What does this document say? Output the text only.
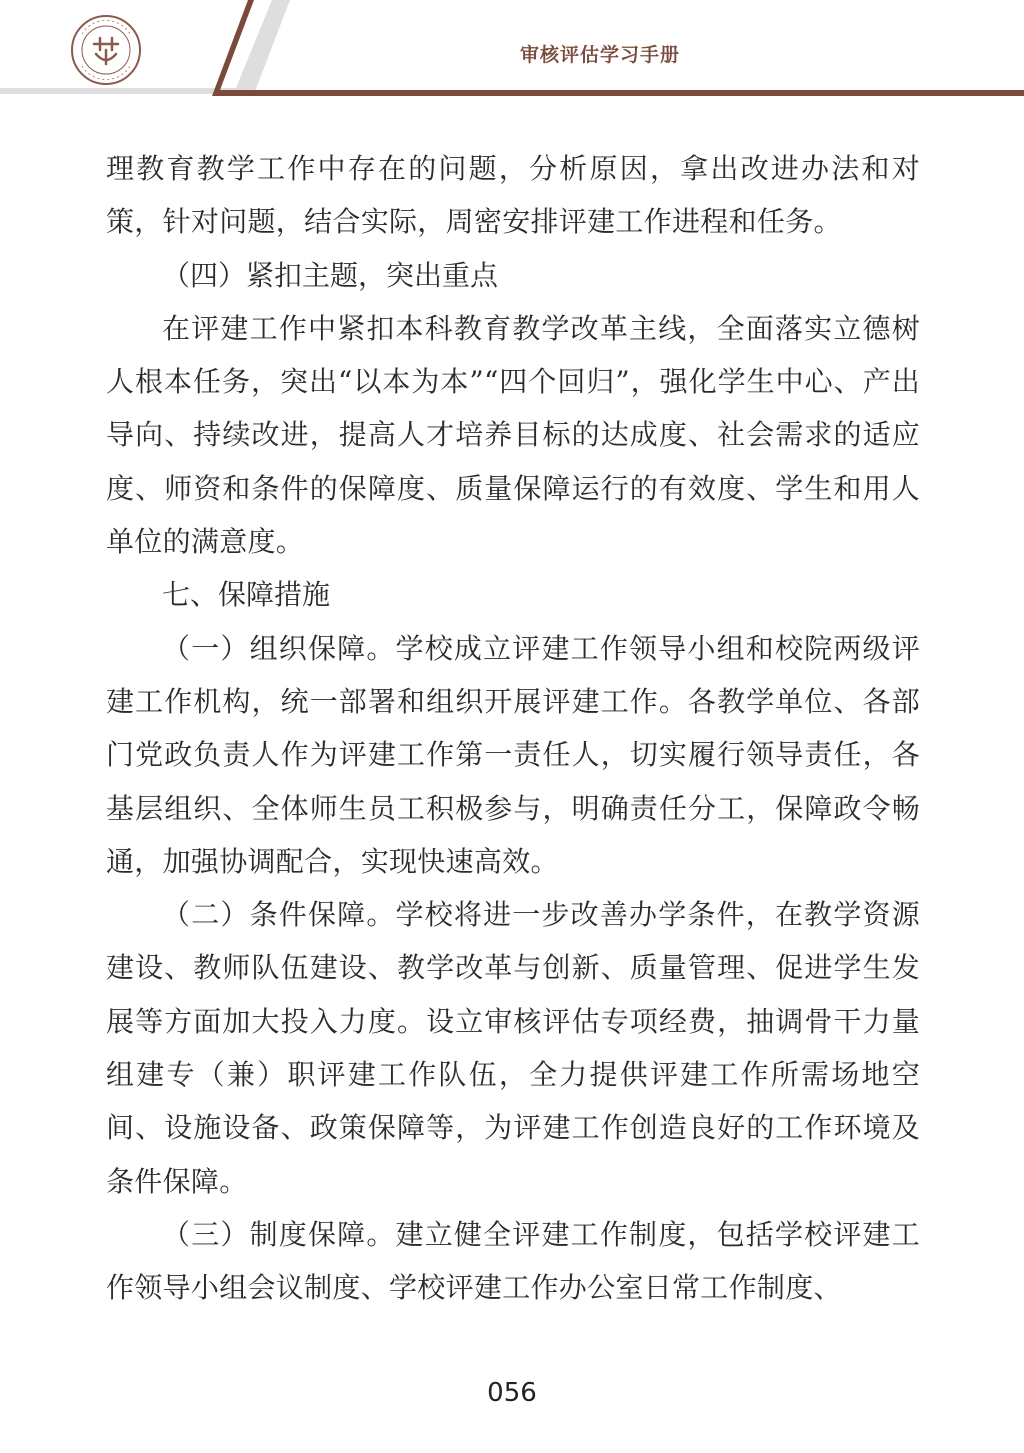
审核评估学习手册

理教育教学工作中存在的问题，分析原因，拿出改进办法和对策，针对问题，结合实际，周密安排评建工作进程和任务。

（四）紧扣主题，突出重点

在评建工作中紧扣本科教育教学改革主线，全面落实立德树人根本任务，突出“以本为本”“四个回归”，强化学生中心、产出导向、持续改进，提高人才培养目标的达成度、社会需求的适应度、师资和条件的保障度、质量保障运行的有效度、学生和用人单位的满意度。

七、保障措施

（一）组织保障。学校成立评建工作领导小组和校院两级评建工作机构，统一部署和组织开展评建工作。各教学单位、各部门党政负责人作为评建工作第一责任人，切实履行领导责任，各基层组织、全体师生员工积极参与，明确责任分工，保障政令畅通，加强协调配合，实现快速高效。

（二）条件保障。学校将进一步改善办学条件，在教学资源建设、教师队伍建设、教学改革与创新、质量管理、促进学生发展等方面加大投入力度。设立审核评估专项经费，抽调骨干力量组建专（兼）职评建工作队伍，全力提供评建工作所需场地空间、设施设备、政策保障等，为评建工作创造良好的工作环境及条件保障。

（三）制度保障。建立健全评建工作制度，包括学校评建工作领导小组会议制度、学校评建工作办公室日常工作制度、

056
